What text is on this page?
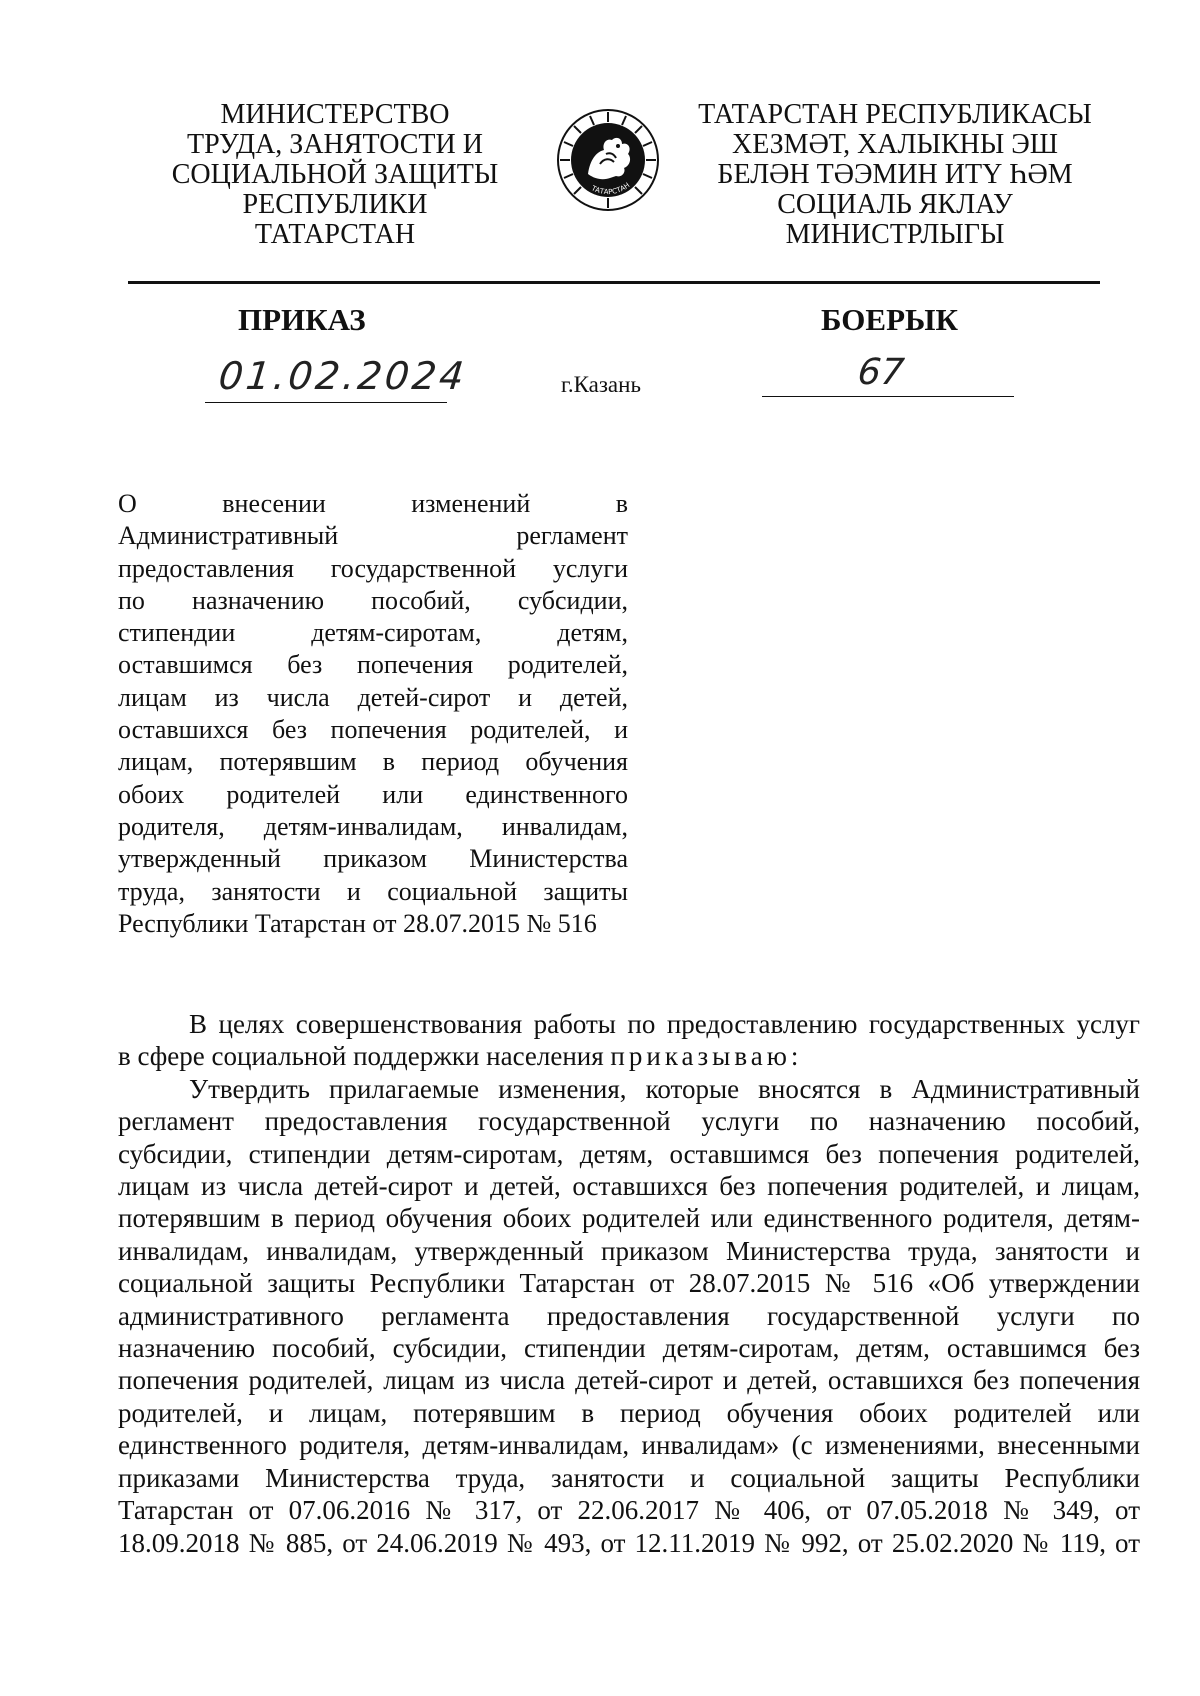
МИНИСТЕРСТВО
ТРУДА, ЗАНЯТОСТИ И
СОЦИАЛЬНОЙ ЗАЩИТЫ
РЕСПУБЛИКИ
ТАТАРСТАН
ТАТАРСТАН
ТАТАРСТАН РЕСПУБЛИКАСЫ
ХЕЗМӘТ, ХАЛЫКНЫ ЭШ
БЕЛӘН ТӘЭМИН ИТҮ ҺӘМ
СОЦИАЛЬ ЯКЛАУ
МИНИСТРЛЫГЫ
ПРИКАЗ	БОЕРЫК
01.02.2024	г.Казань	67
О внесении изменений в
Административный регламент
предоставления государственной услуги
по назначению пособий, субсидии,
стипендии детям-сиротам, детям,
оставшимся без попечения родителей,
лицам из числа детей-сирот и детей,
оставшихся без попечения родителей, и
лицам, потерявшим в период обучения
обоих родителей или единственного
родителя, детям-инвалидам, инвалидам,
утвержденный приказом Министерства
труда, занятости и социальной защиты
Республики Татарстан от 28.07.2015 № 516
В целях совершенствования работы по предоставлению государственных услуг
в сфере социальной поддержки населения приказываю:
Утвердить прилагаемые изменения, которые вносятся в Административный
регламент предоставления государственной услуги по назначению пособий,
субсидии, стипендии детям-сиротам, детям, оставшимся без попечения родителей,
лицам из числа детей-сирот и детей, оставшихся без попечения родителей, и лицам,
потерявшим в период обучения обоих родителей или единственного родителя, детям-
инвалидам, инвалидам, утвержденный приказом Министерства труда, занятости и
социальной защиты Республики Татарстан от 28.07.2015 № 516 «Об утверждении
административного регламента предоставления государственной услуги по
назначению пособий, субсидии, стипендии детям-сиротам, детям, оставшимся без
попечения родителей, лицам из числа детей-сирот и детей, оставшихся без попечения
родителей, и лицам, потерявшим в период обучения обоих родителей или
единственного родителя, детям-инвалидам, инвалидам» (с изменениями, внесенными
приказами Министерства труда, занятости и социальной защиты Республики
Татарстан от 07.06.2016 № 317, от 22.06.2017 № 406, от 07.05.2018 № 349, от
18.09.2018 № 885, от 24.06.2019 № 493, от 12.11.2019 № 992, от 25.02.2020 № 119, от
